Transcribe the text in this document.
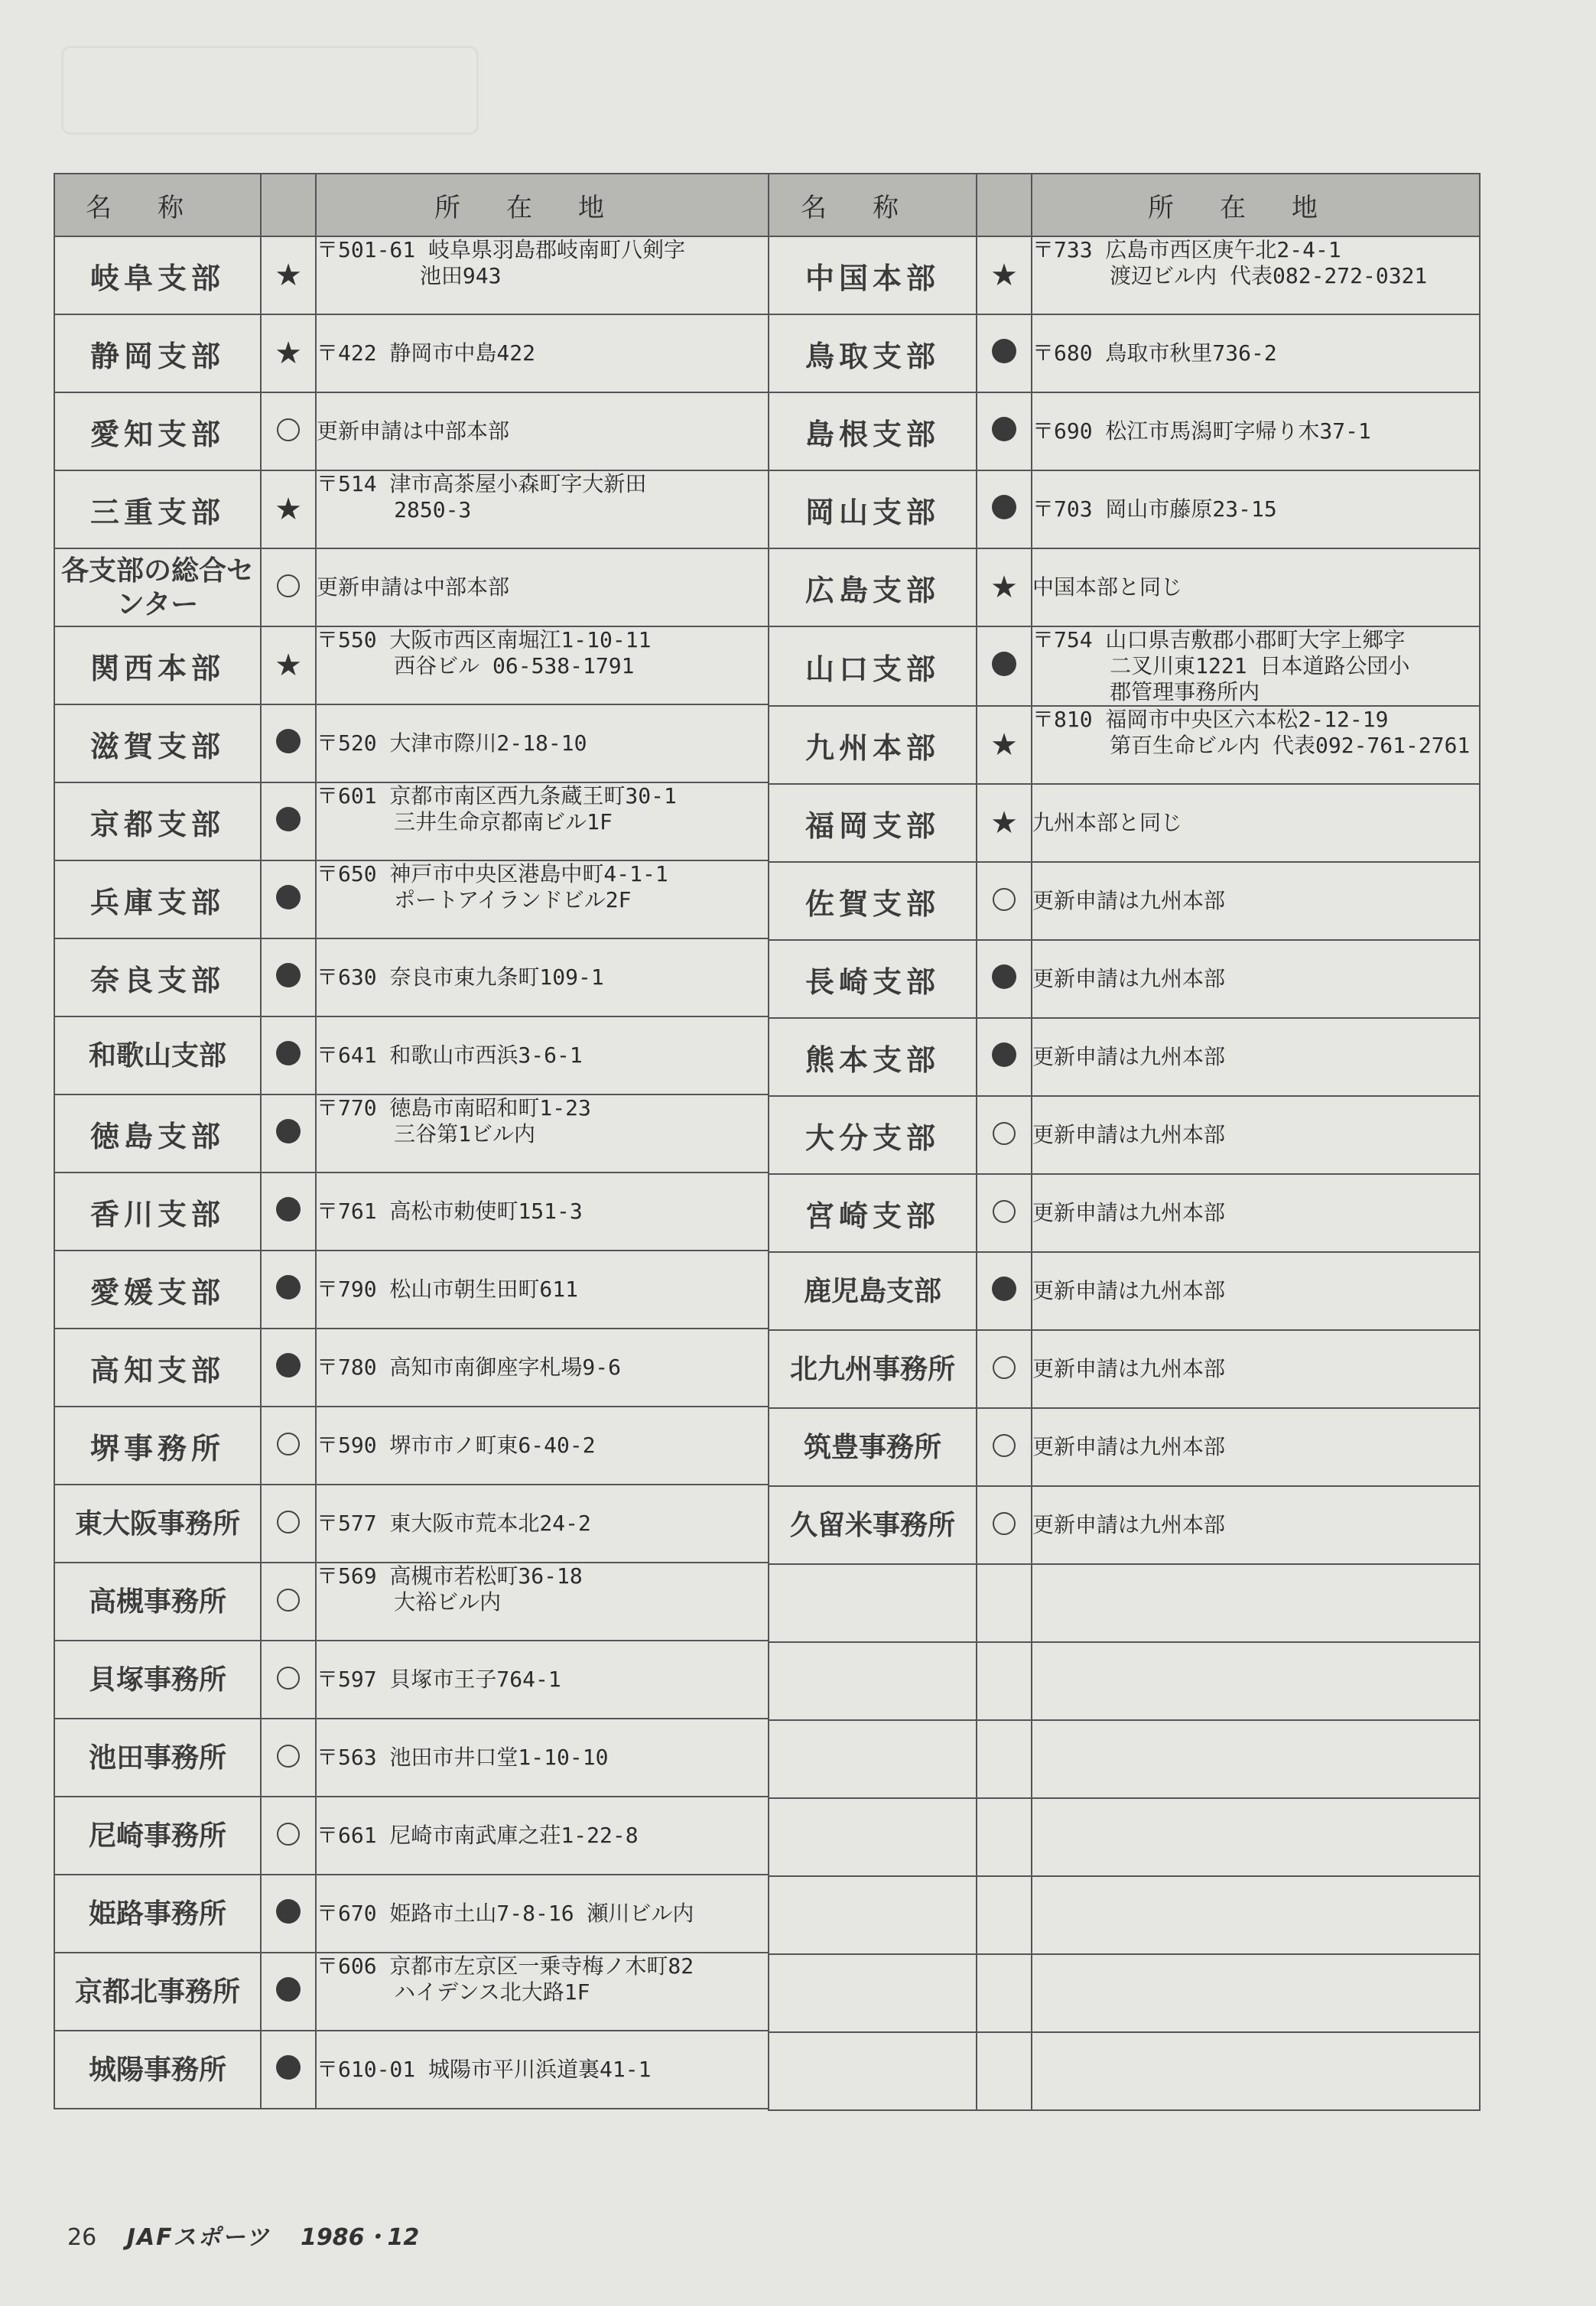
名称		所在地
岐阜支部	★	〒501-61 岐阜県羽島郡岐南町八剣字
池田943
静岡支部	★	〒422 静岡市中島422
愛知支部		更新申請は中部本部
三重支部	★	〒514 津市高茶屋小森町字大新田
2850-3
各支部の総合センター		更新申請は中部本部
関西本部	★	〒550 大阪市西区南堀江1-10-11
西谷ビル 06-538-1791
滋賀支部		〒520 大津市際川2-18-10
京都支部		〒601 京都市南区西九条蔵王町30-1
三井生命京都南ビル1F
兵庫支部		〒650 神戸市中央区港島中町4-1-1
ポートアイランドビル2F
奈良支部		〒630 奈良市東九条町109-1
和歌山支部		〒641 和歌山市西浜3-6-1
徳島支部		〒770 徳島市南昭和町1-23
三谷第1ビル内
香川支部		〒761 高松市勅使町151-3
愛媛支部		〒790 松山市朝生田町611
高知支部		〒780 高知市南御座字札場9-6
堺事務所		〒590 堺市市ノ町東6-40-2
東大阪事務所		〒577 東大阪市荒本北24-2
高槻事務所		〒569 高槻市若松町36-18
大裕ビル内
貝塚事務所		〒597 貝塚市王子764-1
池田事務所		〒563 池田市井口堂1-10-10
尼崎事務所		〒661 尼崎市南武庫之荘1-22-8
姫路事務所		〒670 姫路市土山7-8-16 瀬川ビル内
京都北事務所		〒606 京都市左京区一乗寺梅ノ木町82
ハイデンス北大路1F
城陽事務所		〒610-01 城陽市平川浜道裏41-1
名称		所在地
中国本部	★	〒733 広島市西区庚午北2-4-1
渡辺ビル内 代表082-272-0321
鳥取支部		〒680 鳥取市秋里736-2
島根支部		〒690 松江市馬潟町字帰り木37-1
岡山支部		〒703 岡山市藤原23-15
広島支部	★	中国本部と同じ
山口支部		〒754 山口県吉敷郡小郡町大字上郷字
二叉川東1221 日本道路公団小
郡管理事務所内
九州本部	★	〒810 福岡市中央区六本松2-12-19
第百生命ビル内 代表092-761-2761
福岡支部	★	九州本部と同じ
佐賀支部		更新申請は九州本部
長崎支部		更新申請は九州本部
熊本支部		更新申請は九州本部
大分支部		更新申請は九州本部
宮崎支部		更新申請は九州本部
鹿児島支部		更新申請は九州本部
北九州事務所		更新申請は九州本部
筑豊事務所		更新申請は九州本部
久留米事務所		更新申請は九州本部

26 JAFスポーツ 1986・12
